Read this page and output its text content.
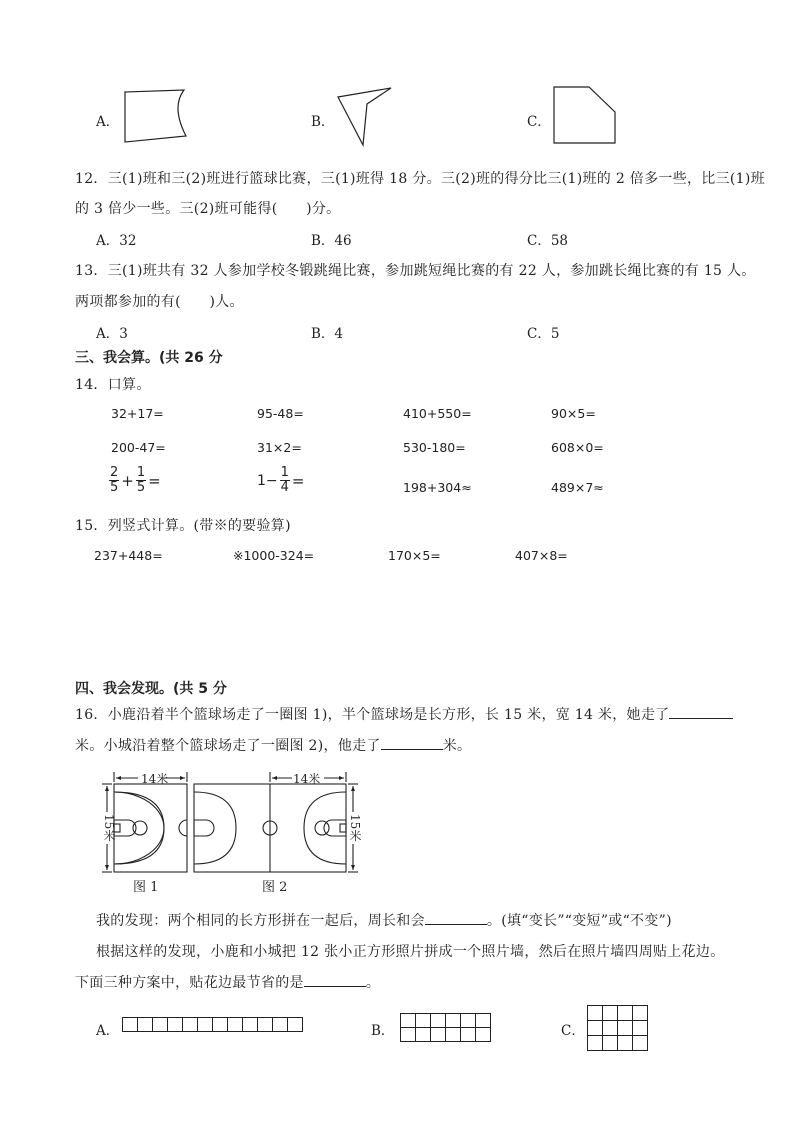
A．	B．	C．
12．三(1)班和三(2)班进行篮球比赛，三(1)班得 18 分。三(2)班的得分比三(1)班的 2 倍多一些，比三(1)班
的 3 倍少一些。三(2)班可能得(　　)分。
A．32	B．46	C．58
13．三(1)班共有 32 人参加学校冬锻跳绳比赛，参加跳短绳比赛的有 22 人，参加跳长绳比赛的有 15 人。
两项都参加的有(　　)人。
A．3	B．4	C．5
三、我会算。(共 26 分
14．口算。
32+17=	95-48=	410+550=	90×5=
200-47=	31×2=	530-180=	608×0=
$\frac{2}{5} + \frac{1}{5}$ =	$1- \frac{1}{4}$ =	198+304≈	489×7≈
15．列竖式计算。(带※的要验算)
237+448=	※1000-324=	170×5=	407×8=
四、我会发现。(共 5 分
16．小鹿沿着半个篮球场走了一圈图 1)，半个篮球场是长方形，长 15 米，宽 14 米，她走了
米。小城沿着整个篮球场走了一圈图 2)，他走了	米。
14米	14米
15米	15米
图 1	图 2
我的发现：两个相同的长方形拼在一起后，周长和会	。(填“变长”“变短”或“不变”)
根据这样的发现，小鹿和小城把 12 张小正方形照片拼成一个照片墙，然后在照片墙四周贴上花边。
下面三种方案中，贴花边最节省的是	。
A．	B．	C．
